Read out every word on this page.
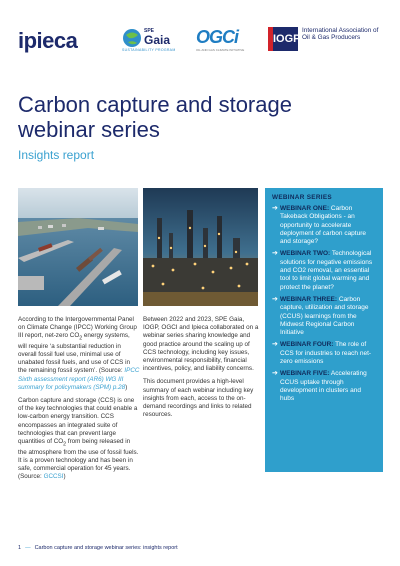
ipieca	SPE
Gaia
SUSTAINABILITY PROGRAM
OGCi
OIL AND GAS CLIMATE INITIATIVE
IOGP
International Association of Oil & Gas Producers
Carbon capture and storage webinar series
Insights report
WEBINAR SERIES
➔ WEBINAR ONE: Carbon Takeback Obligations - an opportunity to accelerate deployment of carbon capture and storage?
➔ WEBINAR TWO: Technological solutions for negative emissions and CO2 removal, an essential tool to limit global warming and protect the planet?
➔ WEBINAR THREE: Carbon capture, utilization and storage (CCUS) learnings from the Midwest Regional Carbon Initiative
➔ WEBINAR FOUR: The role of CCS for industries to reach net-zero emissions
➔ WEBINAR FIVE: Accelerating CCUS uptake through development in clusters and hubs

According to the Intergovernmental Panel on Climate Change (IPCC) Working Group III report, net-zero $CO_2$ energy systems, will require ‘a substantial reduction in overall fossil fuel use, minimal use of unabated fossil fuels, and use of CCS in the remaining fossil system’. (Source: IPCC Sixth assessment report (AR6) WG III summary for policymakers (SPM) p.28)

Carbon capture and storage (CCS) is one of the key technologies that could enable a low-carbon energy transition. CCS encompasses an integrated suite of technologies that can prevent large quantities of $CO_2$ from being released in the atmosphere from the use of fossil fuels. It is a proven technology and has been in safe, commercial operation for 45 years. (Source: GCCSI)

Between 2022 and 2023, SPE Gaia, IOGP, OGCI and Ipieca collaborated on a webinar series sharing knowledge and good practice around the scaling up of CCS technology, including key issues, environmental responsibility, financial incentives, policy, and liability concerns.

This document provides a high-level summary of each webinar including key insights from each, access to the on-demand recordings and links to related resources.

1 — Carbon capture and storage webinar series: insights report
